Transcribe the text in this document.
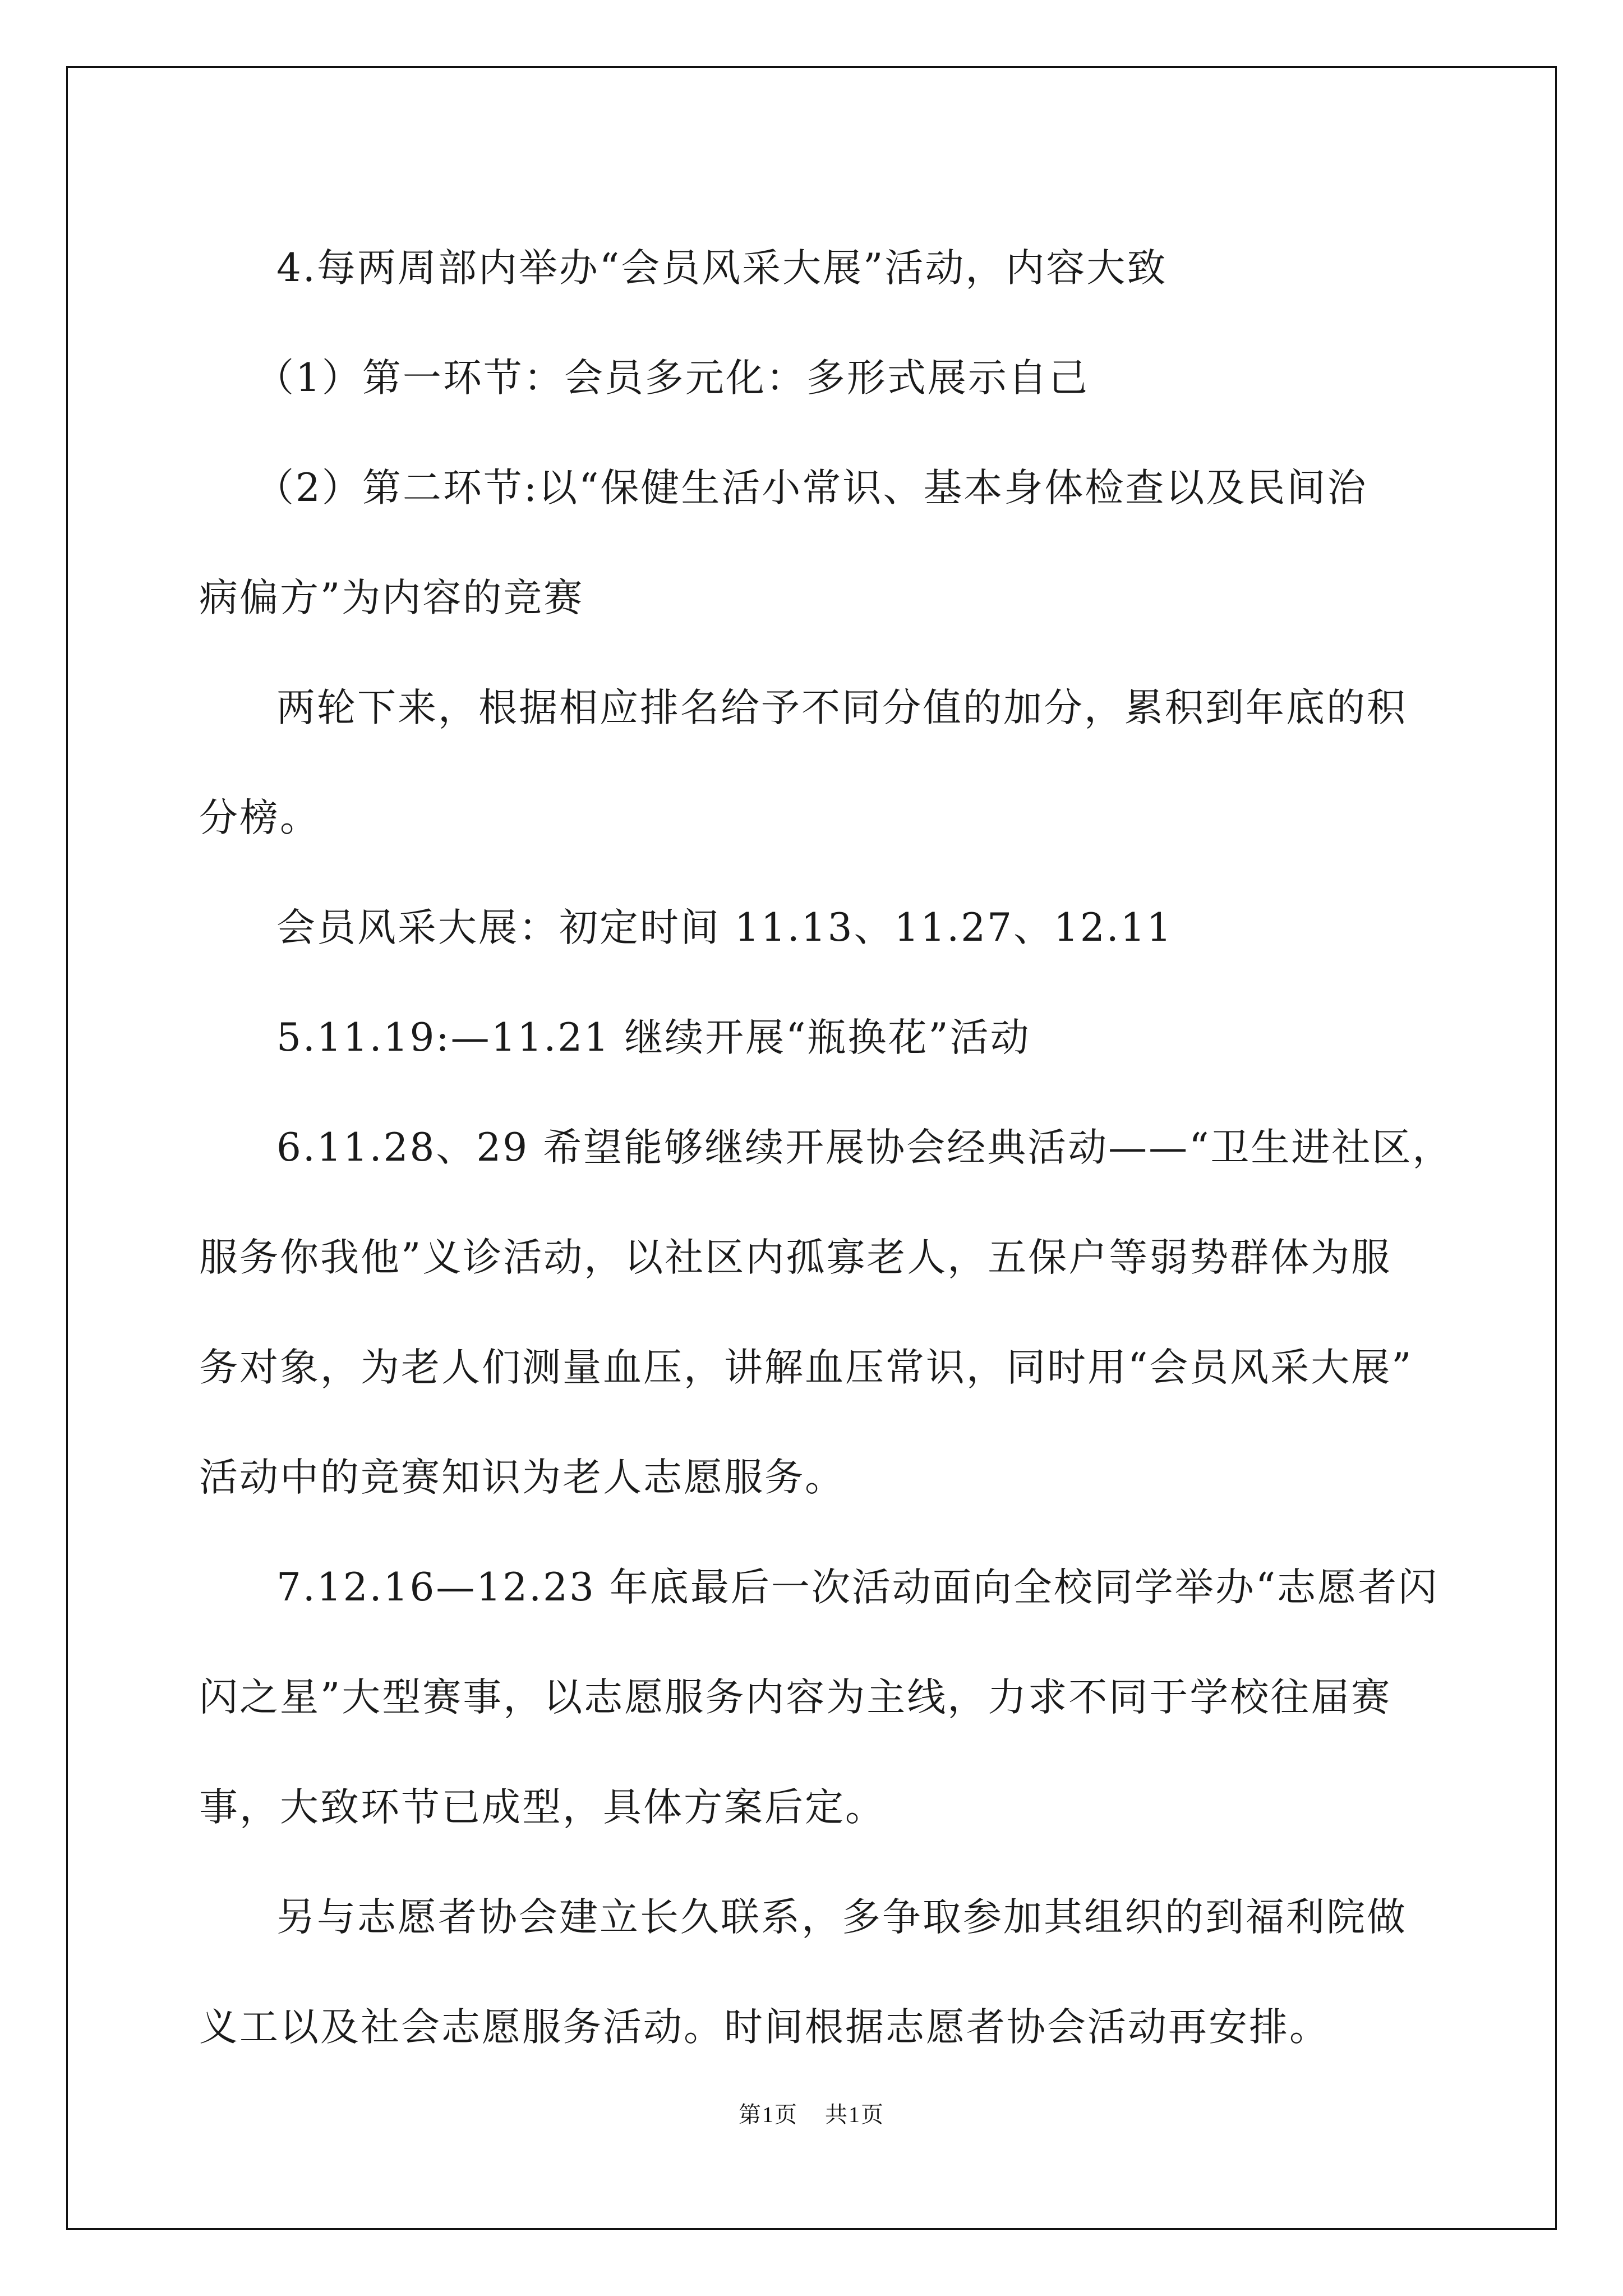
4.每两周部内举办“会员风采大展”活动，内容大致

（1）第一环节：会员多元化：多形式展示自己

（2）第二环节:以“保健生活小常识、基本身体检查以及民间治
病偏方”为内容的竞赛

两轮下来，根据相应排名给予不同分值的加分，累积到年底的积
分榜。

会员风采大展：初定时间 11.13、11.27、12.11

5.11.19:—11.21 继续开展“瓶换花”活动

6.11.28、29 希望能够继续开展协会经典活动——“卫生进社区，
服务你我他”义诊活动，以社区内孤寡老人，五保户等弱势群体为服
务对象，为老人们测量血压，讲解血压常识，同时用“会员风采大展”
活动中的竞赛知识为老人志愿服务。

7.12.16—12.23 年底最后一次活动面向全校同学举办“志愿者闪
闪之星”大型赛事，以志愿服务内容为主线，力求不同于学校往届赛
事，大致环节已成型，具体方案后定。

另与志愿者协会建立长久联系，多争取参加其组织的到福利院做
义工以及社会志愿服务活动。时间根据志愿者协会活动再安排。

第1页 共1页
